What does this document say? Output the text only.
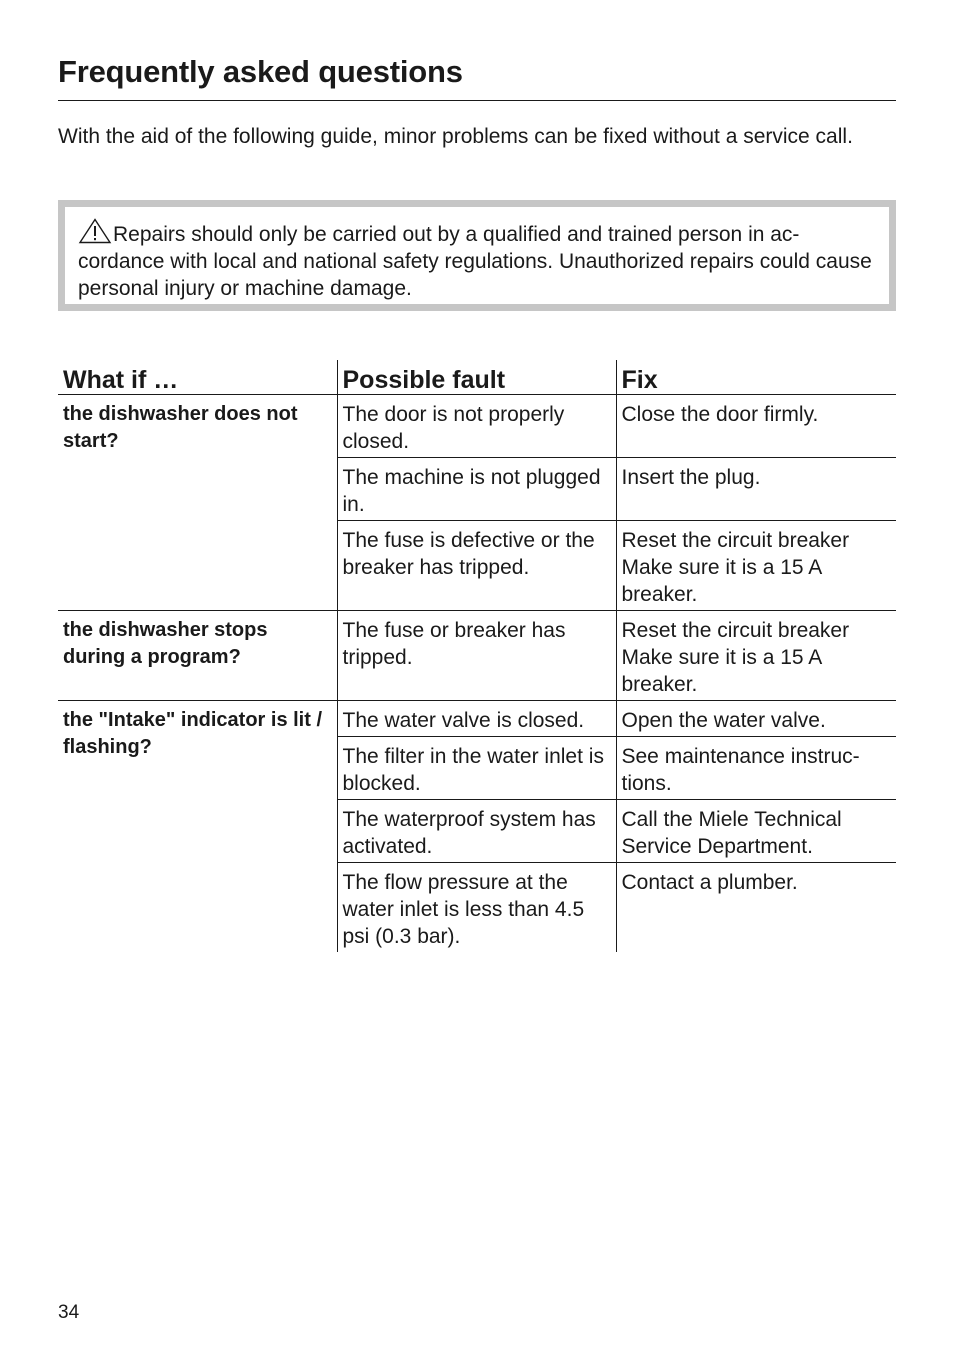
Frequently asked questions

With the aid of the following guide, minor problems can be fixed without a service call.

Repairs should only be carried out by a qualified and trained person in ac-cordance with local and national safety regulations. Unauthorized repairs could cause personal injury or machine damage.

What if …	Possible fault	Fix
the dishwasher does not start?	The door is not properly closed.	Close the door firmly.
	The machine is not plugged in.	Insert the plug.
	The fuse is defective or the breaker has tripped.	Reset the circuit breaker Make sure it is a 15 A breaker.
the dishwasher stops during a program?	The fuse or breaker has tripped.	Reset the circuit breaker Make sure it is a 15 A breaker.
the "Intake" indicator is lit / flashing?	The water valve is closed.	Open the water valve.
	The filter in the water inlet is blocked.	See maintenance instruc-tions.
	The waterproof system has activated.	Call the Miele Technical Service Department.
	The flow pressure at the water inlet is less than 4.5 psi (0.3 bar).	Contact a plumber.

34
